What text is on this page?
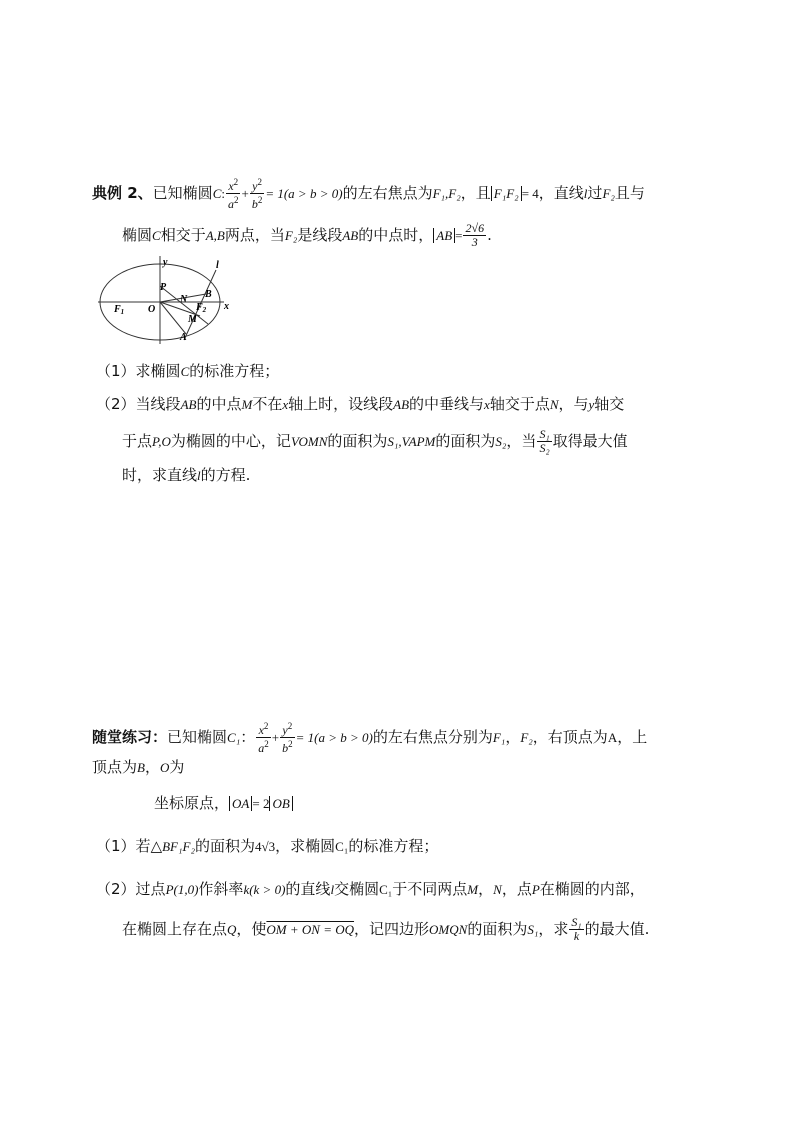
典例 2、已知椭圆C: $\frac{x^2}{a^2} + \frac{y^2}{b^2} = 1(a > b > 0)$的左右焦点为F₁,F₂，且 F₁F₂ = 4，直线l过F₂且与
椭圆C相交于A,B两点，当F₂是线段AB的中点时， AB = $\frac{2√6}{3}$ .
y	l
P
B
N
$F_1$ O	$F_2$ x
M
A
（1）求椭圆C的标准方程；
（2）当线段AB的中点M不在x轴上时，设线段AB的中垂线与x轴交于点N，与y轴交
于点P,O为椭圆的中心，记VOMN的面积为S₁,VAPM的面积为S₂，当 $\frac{\text{S₁}}{\text{S₂}}$ 取得最大值
时，求直线l的方程.
随堂练习：已知椭圆C₁： $\frac{x^2}{a^2} + \frac{y^2}{b^2} = 1(a > b > 0)$的左右焦点分别为F₁，F₂，右顶点为A，上
顶点为B，O为
坐标原点， OA = 2 OB
（1）若△BF₁F₂的面积为4√3，求椭圆C₁的标准方程；
（2）过点P(1,0)作斜率k(k > 0)的直线l交椭圆C₁于不同两点M，N，点P在椭圆的内部，
在椭圆上存在点Q，使OM + ON = OQ，记四边形OMQN的面积为S₁，求 $\frac{\text{S₁}}{k}$ 的最大值.
